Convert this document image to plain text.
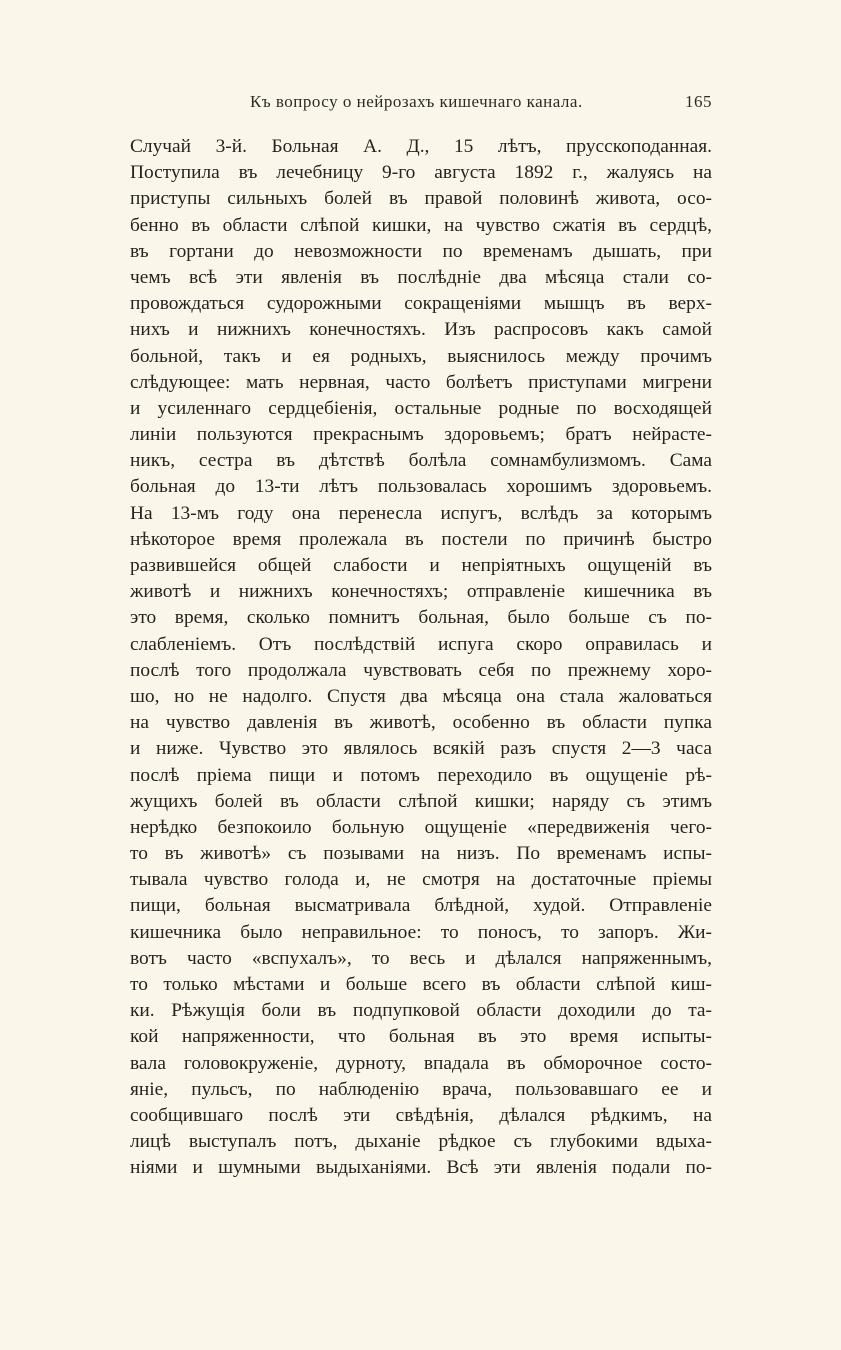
Къ вопросу о нейрозахъ кишечнаго канала.	165
Случай 3-й. Больная А. Д., 15 лѣтъ, прусскоподанная.
Поступила въ лечебницу 9-го августа 1892 г., жалуясь на
приступы сильныхъ болей въ правой половинѣ живота, осо-
бенно въ области слѣпой кишки, на чувство сжатія въ сердцѣ,
въ гортани до невозможности по временамъ дышать, при
чемъ всѣ эти явленія въ послѣдніе два мѣсяца стали со-
провождаться судорожными сокращеніями мышцъ въ верх-
нихъ и нижнихъ конечностяхъ. Изъ распросовъ какъ самой
больной, такъ и ея родныхъ, выяснилось между прочимъ
слѣдующее: мать нервная, часто болѣетъ приступами мигрени
и усиленнаго сердцебіенія, остальные родные по восходящей
линіи пользуются прекраснымъ здоровьемъ; братъ нейрасте-
никъ, сестра въ дѣтствѣ болѣла сомнамбулизмомъ. Сама
больная до 13-ти лѣтъ пользовалась хорошимъ здоровьемъ.
На 13-мъ году она перенесла испугъ, вслѣдъ за которымъ
нѣкоторое время пролежала въ постели по причинѣ быстро
развившейся общей слабости и непріятныхъ ощущеній въ
животѣ и нижнихъ конечностяхъ; отправленіе кишечника въ
это время, сколько помнитъ больная, было больше съ по-
слабленіемъ. Отъ послѣдствій испуга скоро оправилась и
послѣ того продолжала чувствовать себя по прежнему хоро-
шо, но не надолго. Спустя два мѣсяца она стала жаловаться
на чувство давленія въ животѣ, особенно въ области пупка
и ниже. Чувство это являлось всякій разъ спустя 2—3 часа
послѣ пріема пищи и потомъ переходило въ ощущеніе рѣ-
жущихъ болей въ области слѣпой кишки; наряду съ этимъ
нерѣдко безпокоило больную ощущеніе «передвиженія чего-
то въ животѣ» съ позывами на низъ. По временамъ испы-
тывала чувство голода и, не смотря на достаточные пріемы
пищи, больная высматривала блѣдной, худой. Отправленіе
кишечника было неправильное: то поносъ, то запоръ. Жи-
вотъ часто «вспухалъ», то весь и дѣлался напряженнымъ,
то только мѣстами и больше всего въ области слѣпой киш-
ки. Рѣжущія боли въ подпупковой области доходили до та-
кой напряженности, что больная въ это время испыты-
вала головокруженіе, дурноту, впадала въ обморочное состо-
яніе, пульсъ, по наблюденію врача, пользовавшаго ее и
сообщившаго послѣ эти свѣдѣнія, дѣлался рѣдкимъ, на
лицѣ выступалъ потъ, дыханіе рѣдкое съ глубокими вдыха-
ніями и шумными выдыханіями. Всѣ эти явленія подали по-
